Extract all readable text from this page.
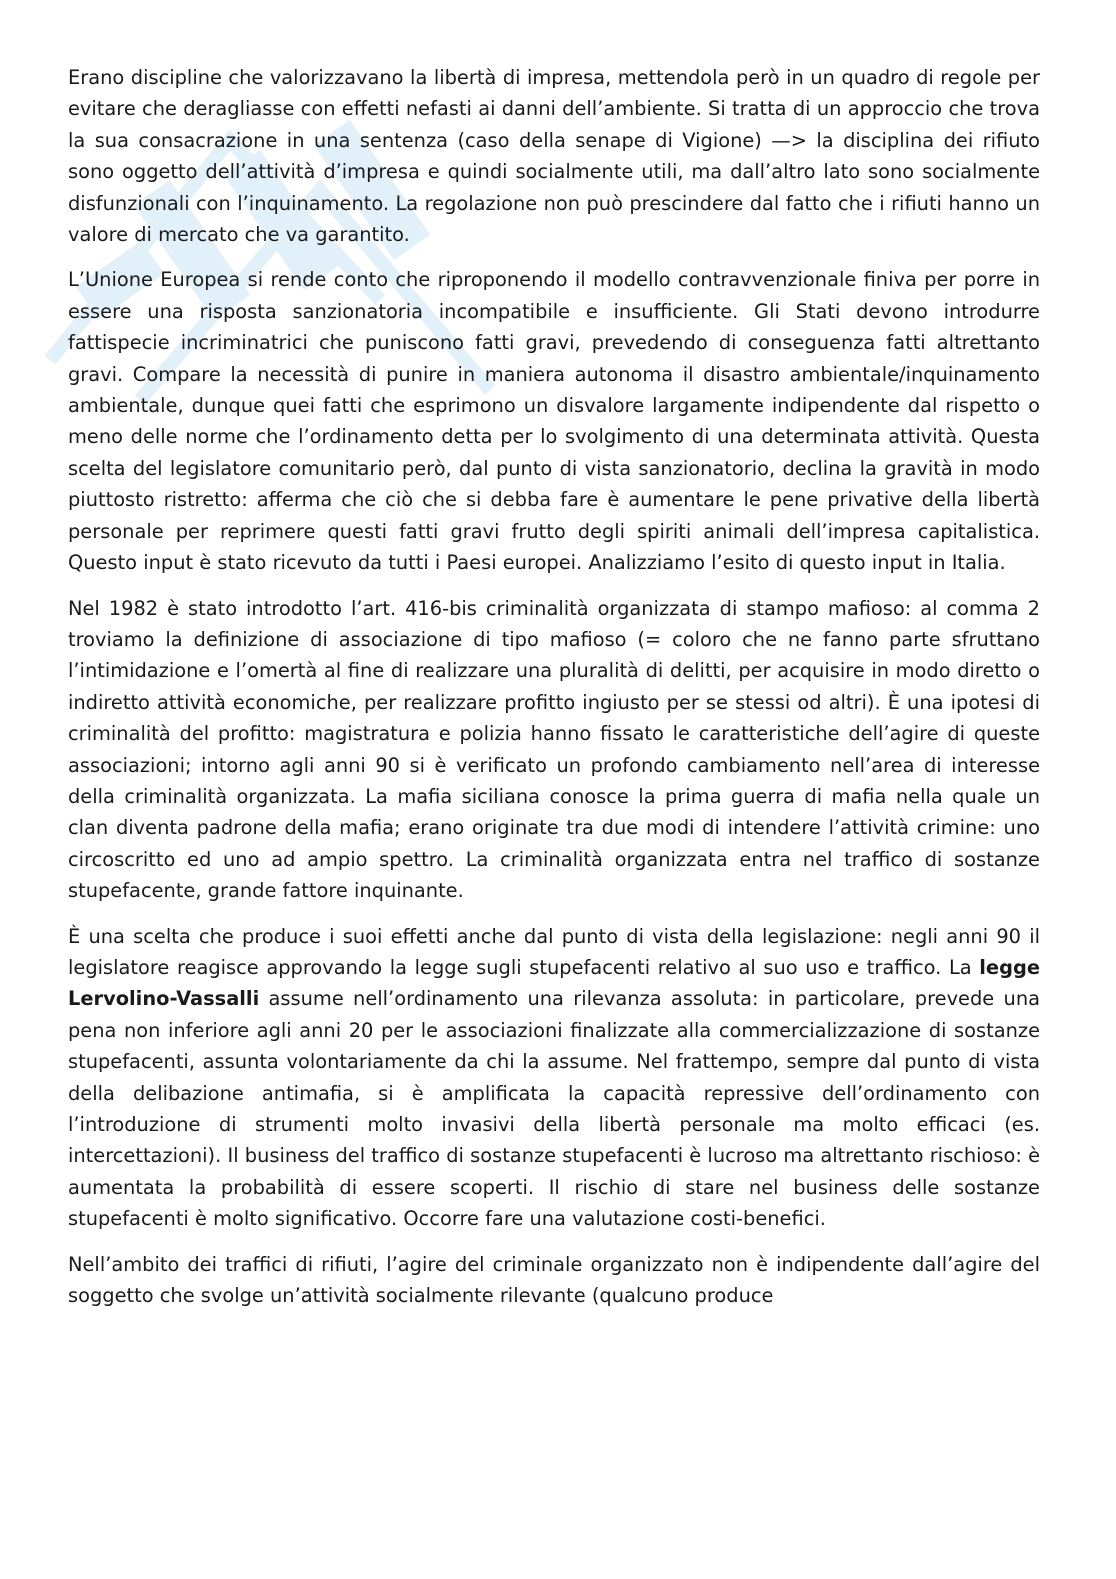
Erano discipline che valorizzavano la libertà di impresa, mettendola però in un quadro di regole per evitare che deragliasse con effetti nefasti ai danni dell’ambiente. Si tratta di un approccio che trova la sua consacrazione in una sentenza (caso della senape di Vigione) —> la disciplina dei rifiuto sono oggetto dell’attività d’impresa e quindi socialmente utili, ma dall’altro lato sono socialmente disfunzionali con l’inquinamento. La regolazione non può prescindere dal fatto che i rifiuti hanno un valore di mercato che va garantito.

L’Unione Europea si rende conto che riproponendo il modello contravvenzionale finiva per porre in essere una risposta sanzionatoria incompatibile e insufficiente. Gli Stati devono introdurre fattispecie incriminatrici che puniscono fatti gravi, prevedendo di conseguenza fatti altrettanto gravi. Compare la necessità di punire in maniera autonoma il disastro ambientale/inquinamento ambientale, dunque quei fatti che esprimono un disvalore largamente indipendente dal rispetto o meno delle norme che l’ordinamento detta per lo svolgimento di una determinata attività. Questa scelta del legislatore comunitario però, dal punto di vista sanzionatorio, declina la gravità in modo piuttosto ristretto: afferma che ciò che si debba fare è aumentare le pene privative della libertà personale per reprimere questi fatti gravi frutto degli spiriti animali dell’impresa capitalistica. Questo input è stato ricevuto da tutti i Paesi europei. Analizziamo l’esito di questo input in Italia.

Nel 1982 è stato introdotto l’art. 416-bis criminalità organizzata di stampo mafioso: al comma 2 troviamo la definizione di associazione di tipo mafioso (= coloro che ne fanno parte sfruttano l’intimidazione e l’omertà al fine di realizzare una pluralità di delitti, per acquisire in modo diretto o indiretto attività economiche, per realizzare profitto ingiusto per se stessi od altri). È una ipotesi di criminalità del profitto: magistratura e polizia hanno fissato le caratteristiche dell’agire di queste associazioni; intorno agli anni 90 si è verificato un profondo cambiamento nell’area di interesse della criminalità organizzata. La mafia siciliana conosce la prima guerra di mafia nella quale un clan diventa padrone della mafia; erano originate tra due modi di intendere l’attività crimine: uno circoscritto ed uno ad ampio spettro. La criminalità organizzata entra nel traffico di sostanze stupefacente, grande fattore inquinante.

È una scelta che produce i suoi effetti anche dal punto di vista della legislazione: negli anni 90 il legislatore reagisce approvando la legge sugli stupefacenti relativo al suo uso e traffico. La legge Lervolino-Vassalli assume nell’ordinamento una rilevanza assoluta: in particolare, prevede una pena non inferiore agli anni 20 per le associazioni finalizzate alla commercializzazione di sostanze stupefacenti, assunta volontariamente da chi la assume. Nel frattempo, sempre dal punto di vista della delibazione antimafia, si è amplificata la capacità repressive dell’ordinamento con l’introduzione di strumenti molto invasivi della libertà personale ma molto efficaci (es. intercettazioni). Il business del traffico di sostanze stupefacenti è lucroso ma altrettanto rischioso: è aumentata la probabilità di essere scoperti. Il rischio di stare nel business delle sostanze stupefacenti è molto significativo. Occorre fare una valutazione costi-benefici.

Nell’ambito dei traffici di rifiuti, l’agire del criminale organizzato non è indipendente dall’agire del soggetto che svolge un’attività socialmente rilevante (qualcuno produce
